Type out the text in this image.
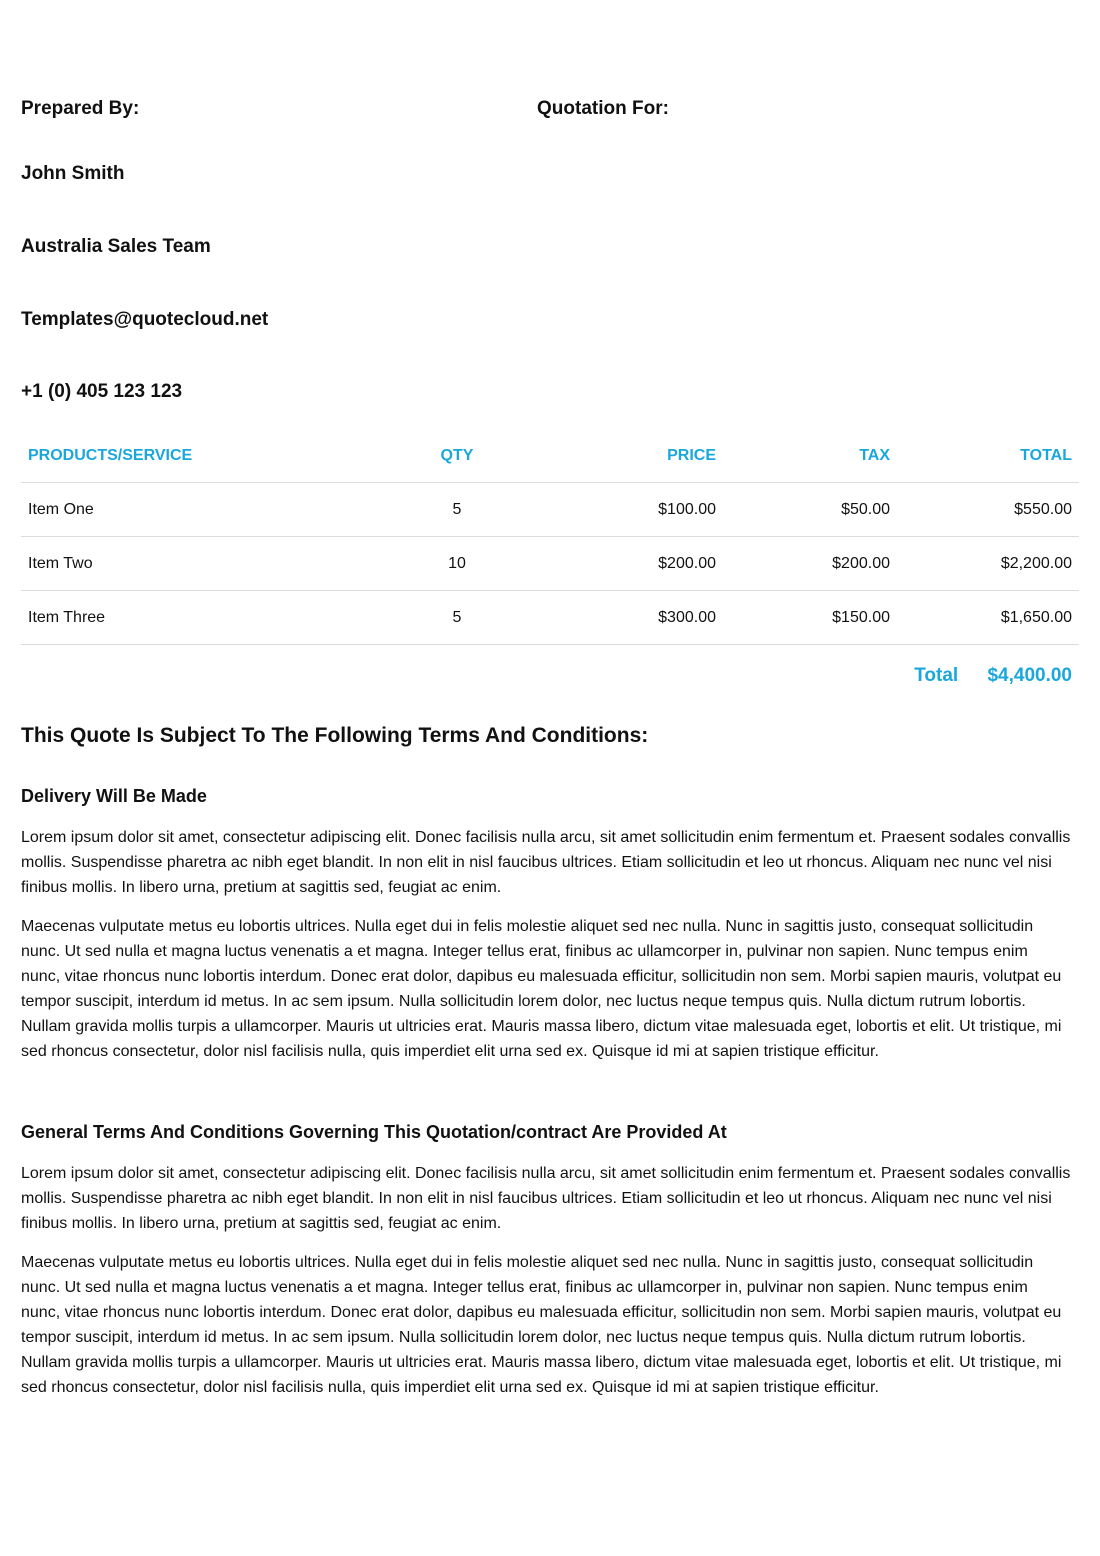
Prepared By:	Quotation For:
John Smith
Australia Sales Team
Templates@quotecloud.net
+1 (0) 405 123 123
PRODUCTS/SERVICE	QTY	PRICE	TAX	TOTAL
Item One	5	$100.00	$50.00	$550.00
Item Two	10	$200.00	$200.00	$2,200.00
Item Three	5	$300.00	$150.00	$1,650.00
Total $4,400.00
This Quote Is Subject To The Following Terms And Conditions:
Delivery Will Be Made

Lorem ipsum dolor sit amet, consectetur adipiscing elit. Donec facilisis nulla arcu, sit amet sollicitudin enim fermentum et. Praesent sodales convallis mollis. Suspendisse pharetra ac nibh eget blandit. In non elit in nisl faucibus ultrices. Etiam sollicitudin et leo ut rhoncus. Aliquam nec nunc vel nisi finibus mollis. In libero urna, pretium at sagittis sed, feugiat ac enim.

Maecenas vulputate metus eu lobortis ultrices. Nulla eget dui in felis molestie aliquet sed nec nulla. Nunc in sagittis justo, consequat sollicitudin nunc. Ut sed nulla et magna luctus venenatis a et magna. Integer tellus erat, finibus ac ullamcorper in, pulvinar non sapien. Nunc tempus enim nunc, vitae rhoncus nunc lobortis interdum. Donec erat dolor, dapibus eu malesuada efficitur, sollicitudin non sem. Morbi sapien mauris, volutpat eu tempor suscipit, interdum id metus. In ac sem ipsum. Nulla sollicitudin lorem dolor, nec luctus neque tempus quis. Nulla dictum rutrum lobortis. Nullam gravida mollis turpis a ullamcorper. Mauris ut ultricies erat. Mauris massa libero, dictum vitae malesuada eget, lobortis et elit. Ut tristique, mi sed rhoncus consectetur, dolor nisl facilisis nulla, quis imperdiet elit urna sed ex. Quisque id mi at sapien tristique efficitur.

General Terms And Conditions Governing This Quotation/contract Are Provided At

Lorem ipsum dolor sit amet, consectetur adipiscing elit. Donec facilisis nulla arcu, sit amet sollicitudin enim fermentum et. Praesent sodales convallis mollis. Suspendisse pharetra ac nibh eget blandit. In non elit in nisl faucibus ultrices. Etiam sollicitudin et leo ut rhoncus. Aliquam nec nunc vel nisi finibus mollis. In libero urna, pretium at sagittis sed, feugiat ac enim.

Maecenas vulputate metus eu lobortis ultrices. Nulla eget dui in felis molestie aliquet sed nec nulla. Nunc in sagittis justo, consequat sollicitudin nunc. Ut sed nulla et magna luctus venenatis a et magna. Integer tellus erat, finibus ac ullamcorper in, pulvinar non sapien. Nunc tempus enim nunc, vitae rhoncus nunc lobortis interdum. Donec erat dolor, dapibus eu malesuada efficitur, sollicitudin non sem. Morbi sapien mauris, volutpat eu tempor suscipit, interdum id metus. In ac sem ipsum. Nulla sollicitudin lorem dolor, nec luctus neque tempus quis. Nulla dictum rutrum lobortis. Nullam gravida mollis turpis a ullamcorper. Mauris ut ultricies erat. Mauris massa libero, dictum vitae malesuada eget, lobortis et elit. Ut tristique, mi sed rhoncus consectetur, dolor nisl facilisis nulla, quis imperdiet elit urna sed ex. Quisque id mi at sapien tristique efficitur.
